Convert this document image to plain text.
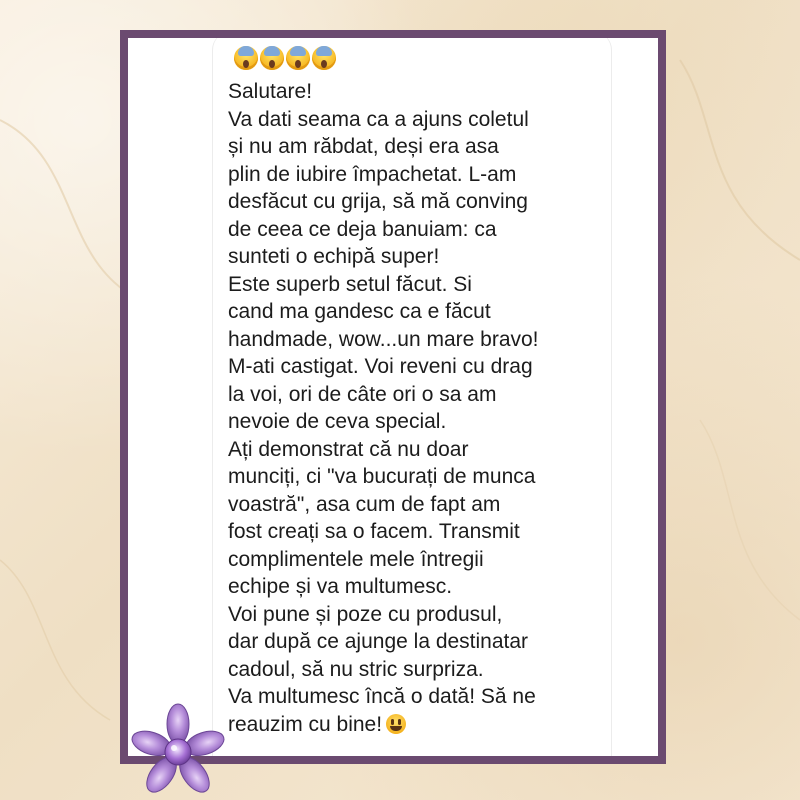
Salutare!
Va dati seama ca a ajuns coletul
și nu am răbdat, deși era asa
plin de iubire împachetat. L-am
desfăcut cu grija, să mă conving
de ceea ce deja banuiam: ca
sunteti o echipă super!
Este superb setul făcut. Si
cand ma gandesc ca e făcut
handmade, wow...un mare bravo!
M-ati castigat. Voi reveni cu drag
la voi, ori de câte ori o sa am
nevoie de ceva special.
Ați demonstrat că nu doar
munciți, ci "va bucurați de munca
voastră", asa cum de fapt am
fost creați sa o facem. Transmit
complimentele mele întregii
echipe și va multumesc.
Voi pune și poze cu produsul,
dar după ce ajunge la destinatar
cadoul, să nu stric surpriza.
Va multumesc încă o dată! Să ne
reauzim cu bine!
